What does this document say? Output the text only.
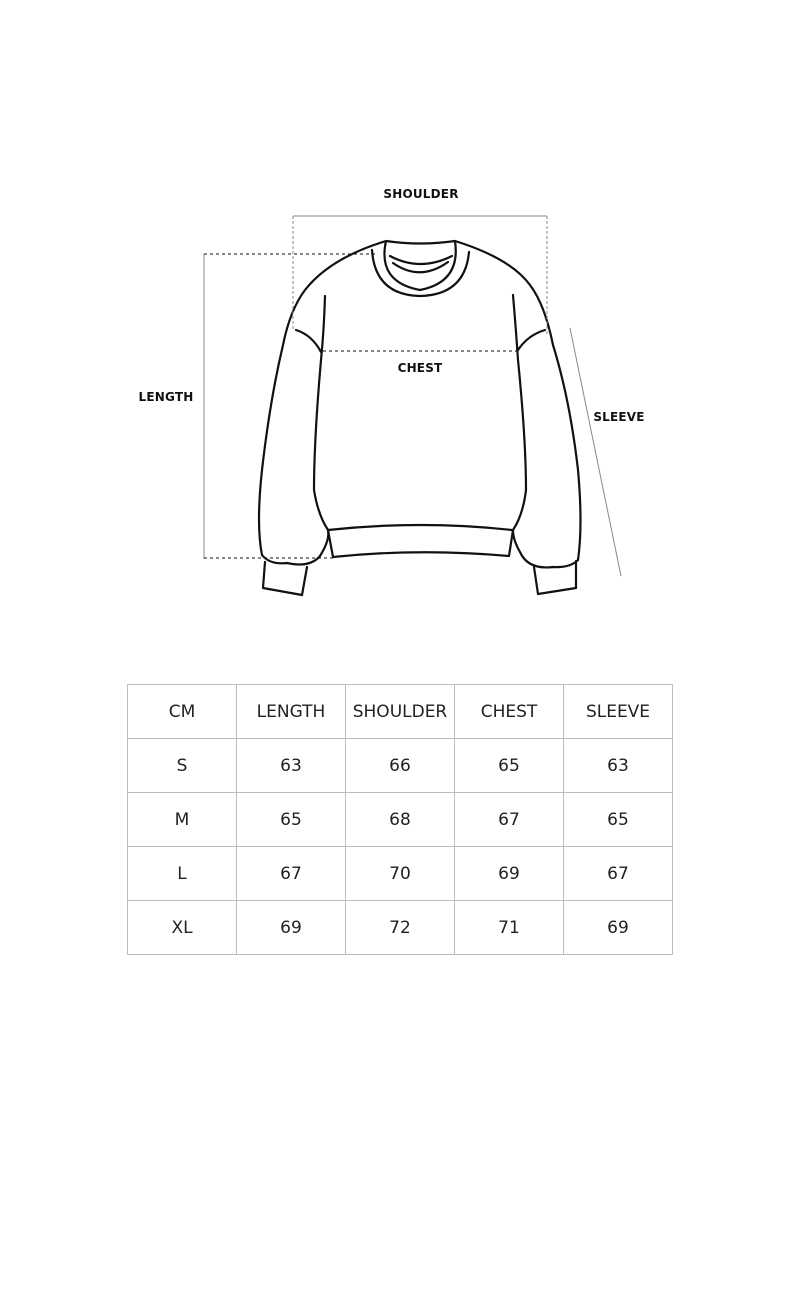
SHOULDER
CHEST
LENGTH
SLEEVE
CM	LENGTH	SHOULDER	CHEST	SLEEVE
S	63	66	65	63
M	65	68	67	65
L	67	70	69	67
XL	69	72	71	69
